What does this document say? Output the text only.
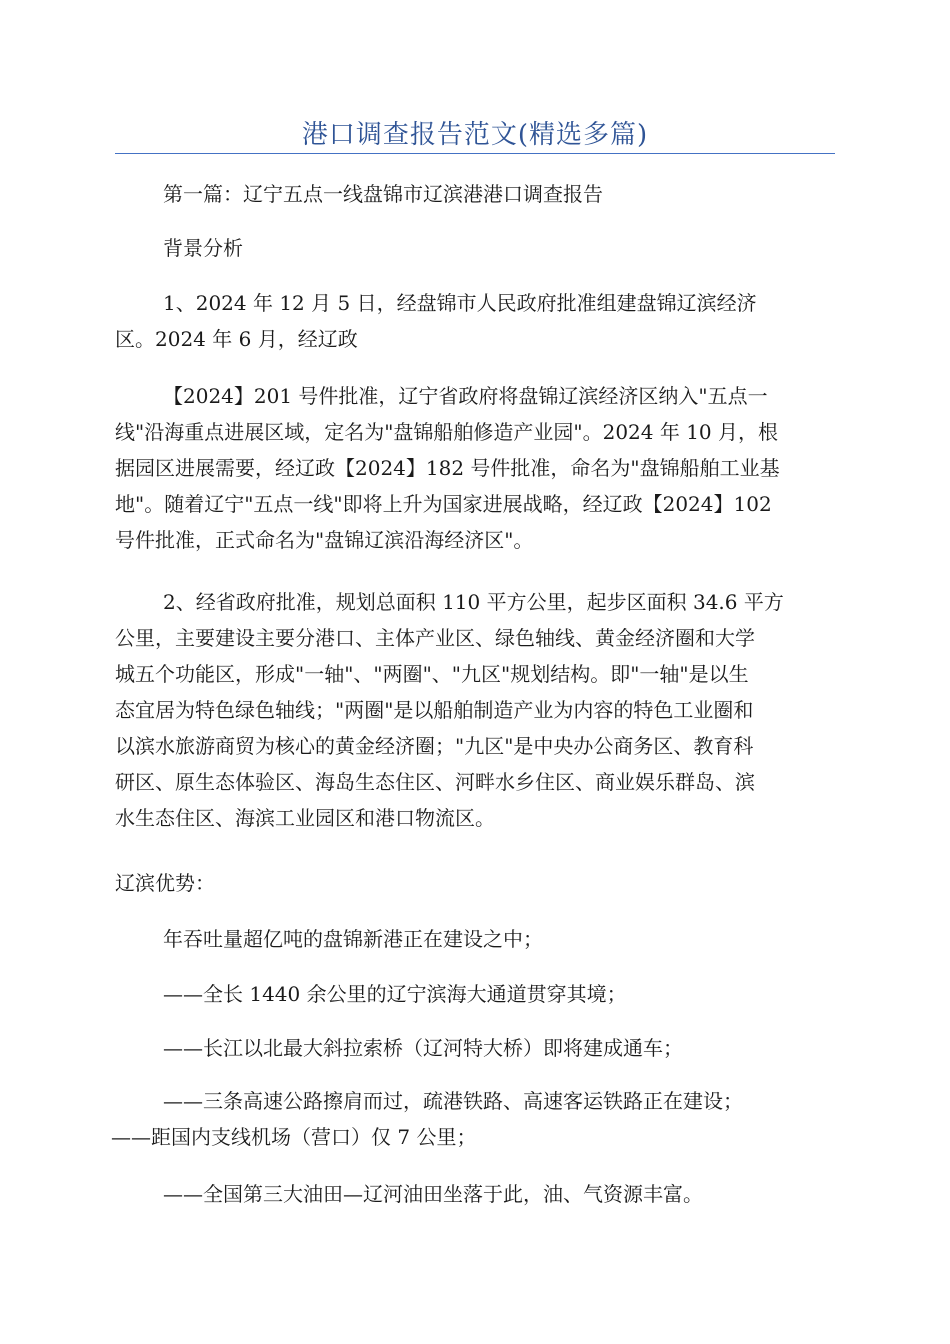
港口调查报告范文(精选多篇)

第一篇：辽宁五点一线盘锦市辽滨港港口调查报告

背景分析

1、2024 年 12 月 5 日，经盘锦市人民政府批准组建盘锦辽滨经济
区。2024 年 6 月，经辽政

【2024】201 号件批准，辽宁省政府将盘锦辽滨经济区纳入"五点一
线"沿海重点进展区域，定名为"盘锦船舶修造产业园"。2024 年 10 月，根
据园区进展需要，经辽政【2024】182 号件批准，命名为"盘锦船舶工业基
地"。随着辽宁"五点一线"即将上升为国家进展战略，经辽政【2024】102
号件批准，正式命名为"盘锦辽滨沿海经济区"。

2、经省政府批准，规划总面积 110 平方公里，起步区面积 34.6 平方
公里，主要建设主要分港口、主体产业区、绿色轴线、黄金经济圈和大学
城五个功能区，形成"一轴"、"两圈"、"九区"规划结构。即"一轴"是以生
态宜居为特色绿色轴线；"两圈"是以船舶制造产业为内容的特色工业圈和
以滨水旅游商贸为核心的黄金经济圈；"九区"是中央办公商务区、教育科
研区、原生态体验区、海岛生态住区、河畔水乡住区、商业娱乐群岛、滨
水生态住区、海滨工业园区和港口物流区。

辽滨优势：

年吞吐量超亿吨的盘锦新港正在建设之中；

——全长 1440 余公里的辽宁滨海大通道贯穿其境；

——长江以北最大斜拉索桥（辽河特大桥）即将建成通车；

——三条高速公路擦肩而过，疏港铁路、高速客运铁路正在建设；
——距国内支线机场（营口）仅 7 公里；

——全国第三大油田—辽河油田坐落于此，油、气资源丰富。
